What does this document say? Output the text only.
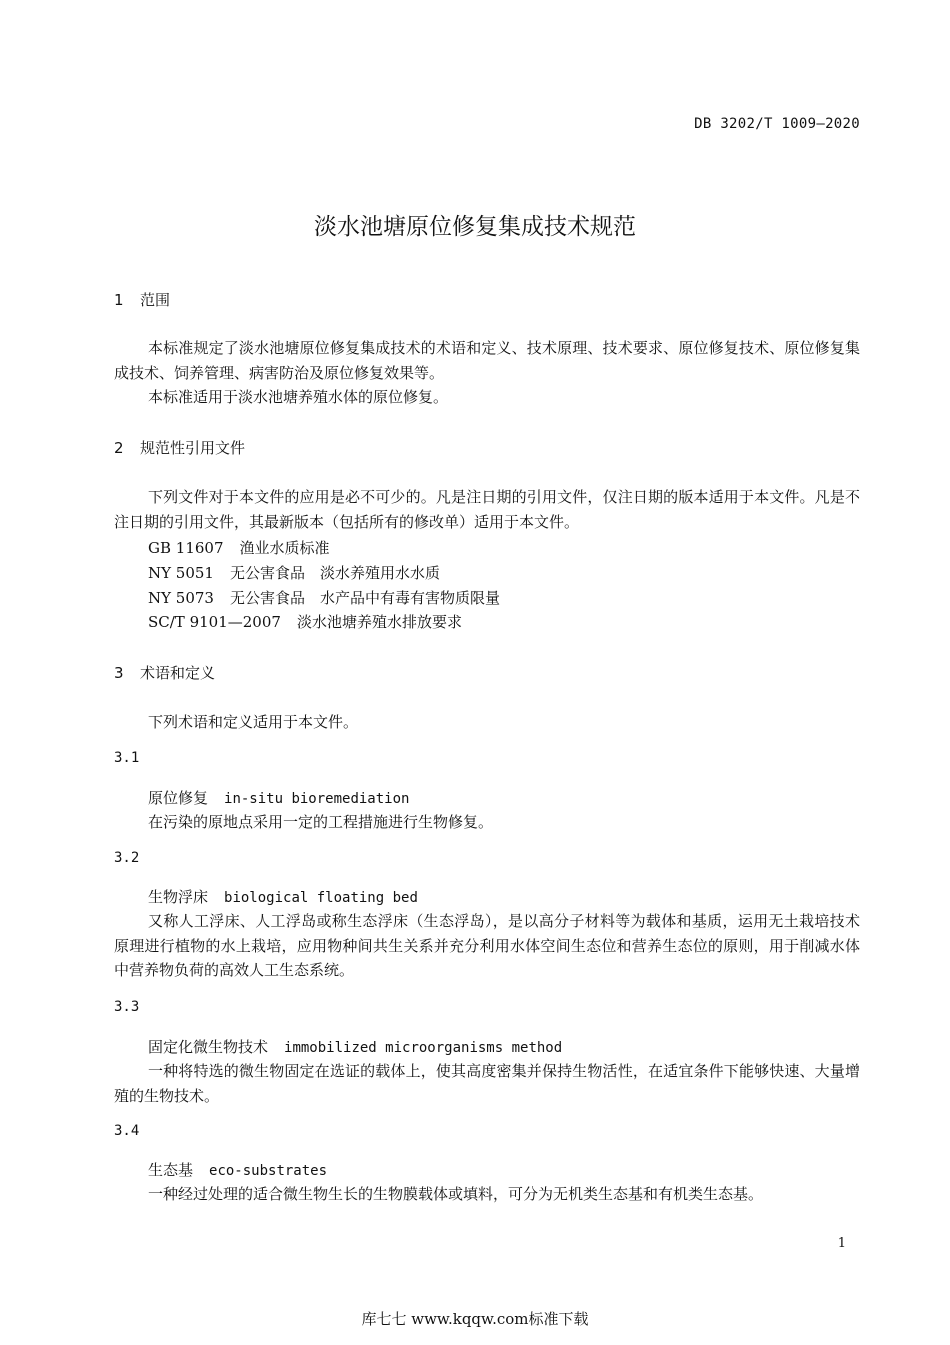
DB 3202/T 1009—2020
淡水池塘原位修复集成技术规范
1 范围
本标准规定了淡水池塘原位修复集成技术的术语和定义、技术原理、技术要求、原位修复技术、原位修复集成技术、饲养管理、病害防治及原位修复效果等。
本标准适用于淡水池塘养殖水体的原位修复。
2 规范性引用文件
下列文件对于本文件的应用是必不可少的。凡是注日期的引用文件，仅注日期的版本适用于本文件。凡是不注日期的引用文件，其最新版本（包括所有的修改单）适用于本文件。
GB 11607 渔业水质标准
NY 5051 无公害食品　淡水养殖用水水质
NY 5073 无公害食品　水产品中有毒有害物质限量
SC/T 9101—2007 淡水池塘养殖水排放要求
3 术语和定义
下列术语和定义适用于本文件。
3.1
原位修复 in-situ bioremediation
在污染的原地点采用一定的工程措施进行生物修复。
3.2
生物浮床 biological floating bed
又称人工浮床、人工浮岛或称生态浮床（生态浮岛），是以高分子材料等为载体和基质，运用无土栽培技术原理进行植物的水上栽培，应用物种间共生关系并充分利用水体空间生态位和营养生态位的原则，用于削减水体中营养物负荷的高效人工生态系统。
3.3
固定化微生物技术 immobilized microorganisms method
一种将特选的微生物固定在选证的载体上，使其高度密集并保持生物活性，在适宜条件下能够快速、大量增殖的生物技术。
3.4
生态基 eco-substrates
一种经过处理的适合微生物生长的生物膜载体或填料，可分为无机类生态基和有机类生态基。
1
库七七 www.kqqw.com标准下载
